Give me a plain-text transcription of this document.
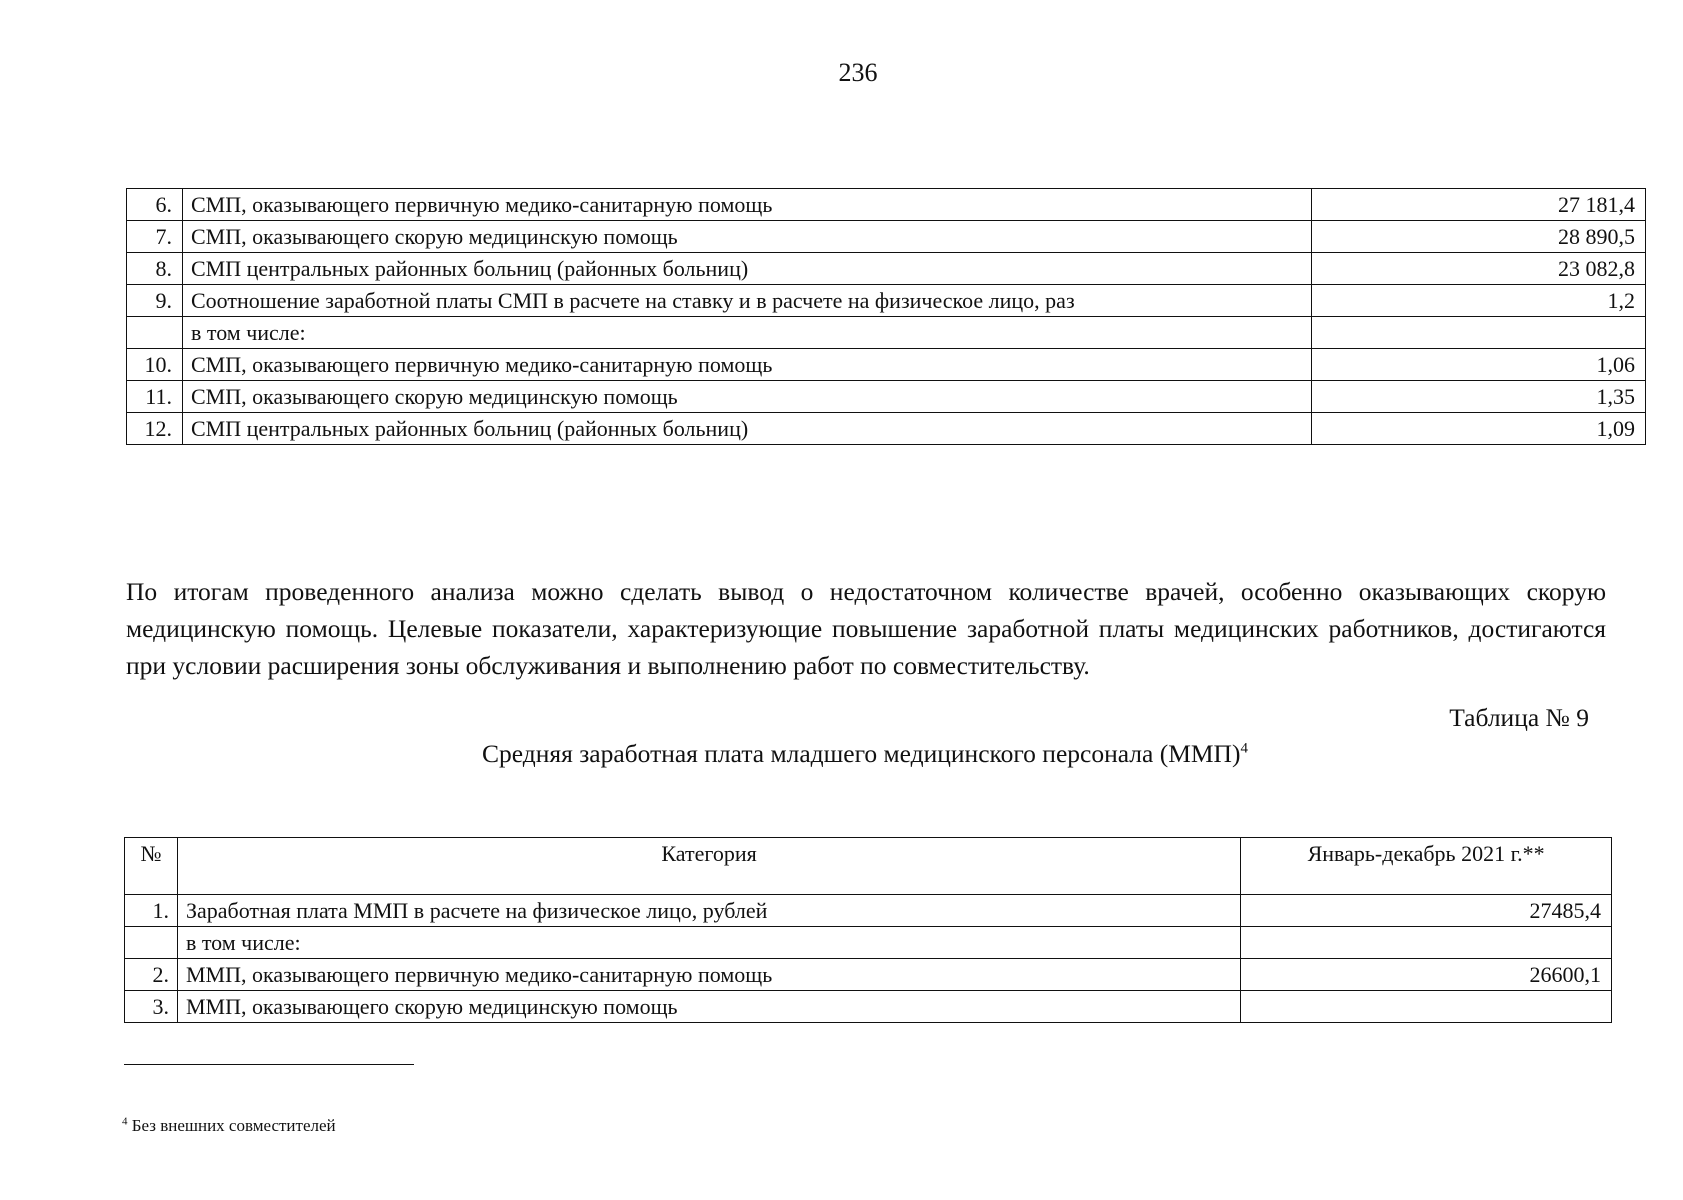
236
6.	СМП, оказывающего первичную медико-санитарную помощь	27 181,4
7.	СМП, оказывающего скорую медицинскую помощь	28 890,5
8.	СМП центральных районных больниц (районных больниц)	23 082,8
9.	Соотношение заработной платы СМП в расчете на ставку и в расчете на физическое лицо, раз	1,2
	в том числе:	
10.	СМП, оказывающего первичную медико-санитарную помощь	1,06
11.	СМП, оказывающего скорую медицинскую помощь	1,35
12.	СМП центральных районных больниц (районных больниц)	1,09

По итогам проведенного анализа можно сделать вывод о недостаточном количестве врачей, особенно оказывающих скорую медицинскую помощь. Целевые показатели, характеризующие повышение заработной платы медицинских работников, достигаются при условии расширения зоны обслуживания и выполнению работ по совместительству.

Таблица № 9
Средняя заработная плата младшего медицинского персонала (ММП)$^4$
№	Категория	Январь-декабрь 2021 г.**
1.	Заработная плата ММП в расчете на физическое лицо, рублей	27485,4
	в том числе:	
2.	ММП, оказывающего первичную медико-санитарную помощь	26600,1
3.	ММП, оказывающего скорую медицинскую помощь	
$^4$ Без внешних совместителей
